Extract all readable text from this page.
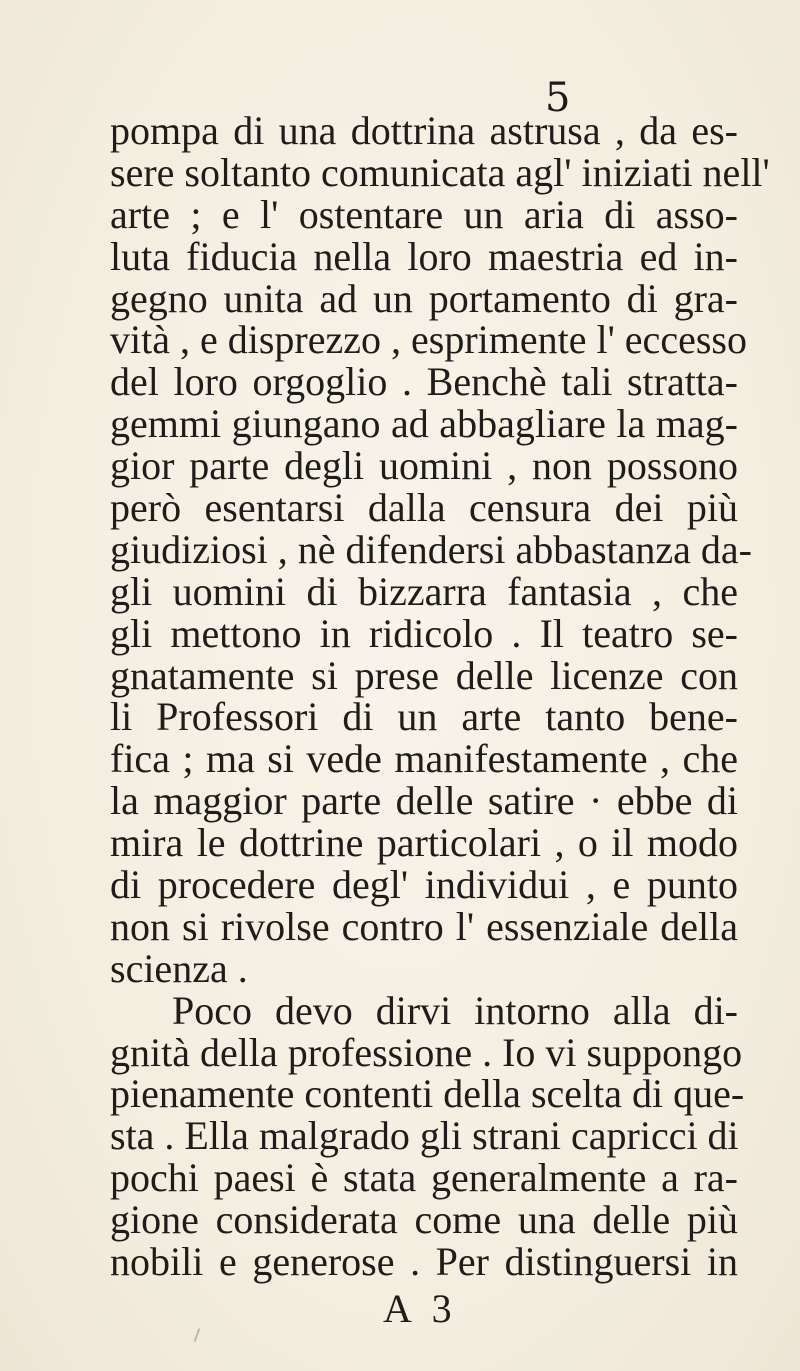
5
pompa di una dottrina astrusa , da es-
sere soltanto comunicata agl' iniziati nell'
arte ; e l' ostentare un aria di asso-
luta fiducia nella loro maestria ed in-
gegno unita ad un portamento di gra-
vità , e disprezzo , esprimente l' eccesso
del loro orgoglio . Benchè tali stratta-
gemmi giungano ad abbagliare la mag-
gior parte degli uomini , non possono
però esentarsi dalla censura dei più
giudiziosi , nè difendersi abbastanza da-
gli uomini di bizzarra fantasia , che
gli mettono in ridicolo . Il teatro se-
gnatamente si prese delle licenze con
li Professori di un arte tanto bene-
fica ; ma si vede manifestamente , che
la maggior parte delle satire · ebbe di
mira le dottrine particolari , o il modo
di procedere degl' individui , e punto
non si rivolse contro l' essenziale della
scienza .
Poco devo dirvi intorno alla di-
gnità della professione . Io vi suppongo
pienamente contenti della scelta di que-
sta . Ella malgrado gli strani capricci di
pochi paesi è stata generalmente a ra-
gione considerata come una delle più
nobili e generose . Per distinguersi in
A 3
